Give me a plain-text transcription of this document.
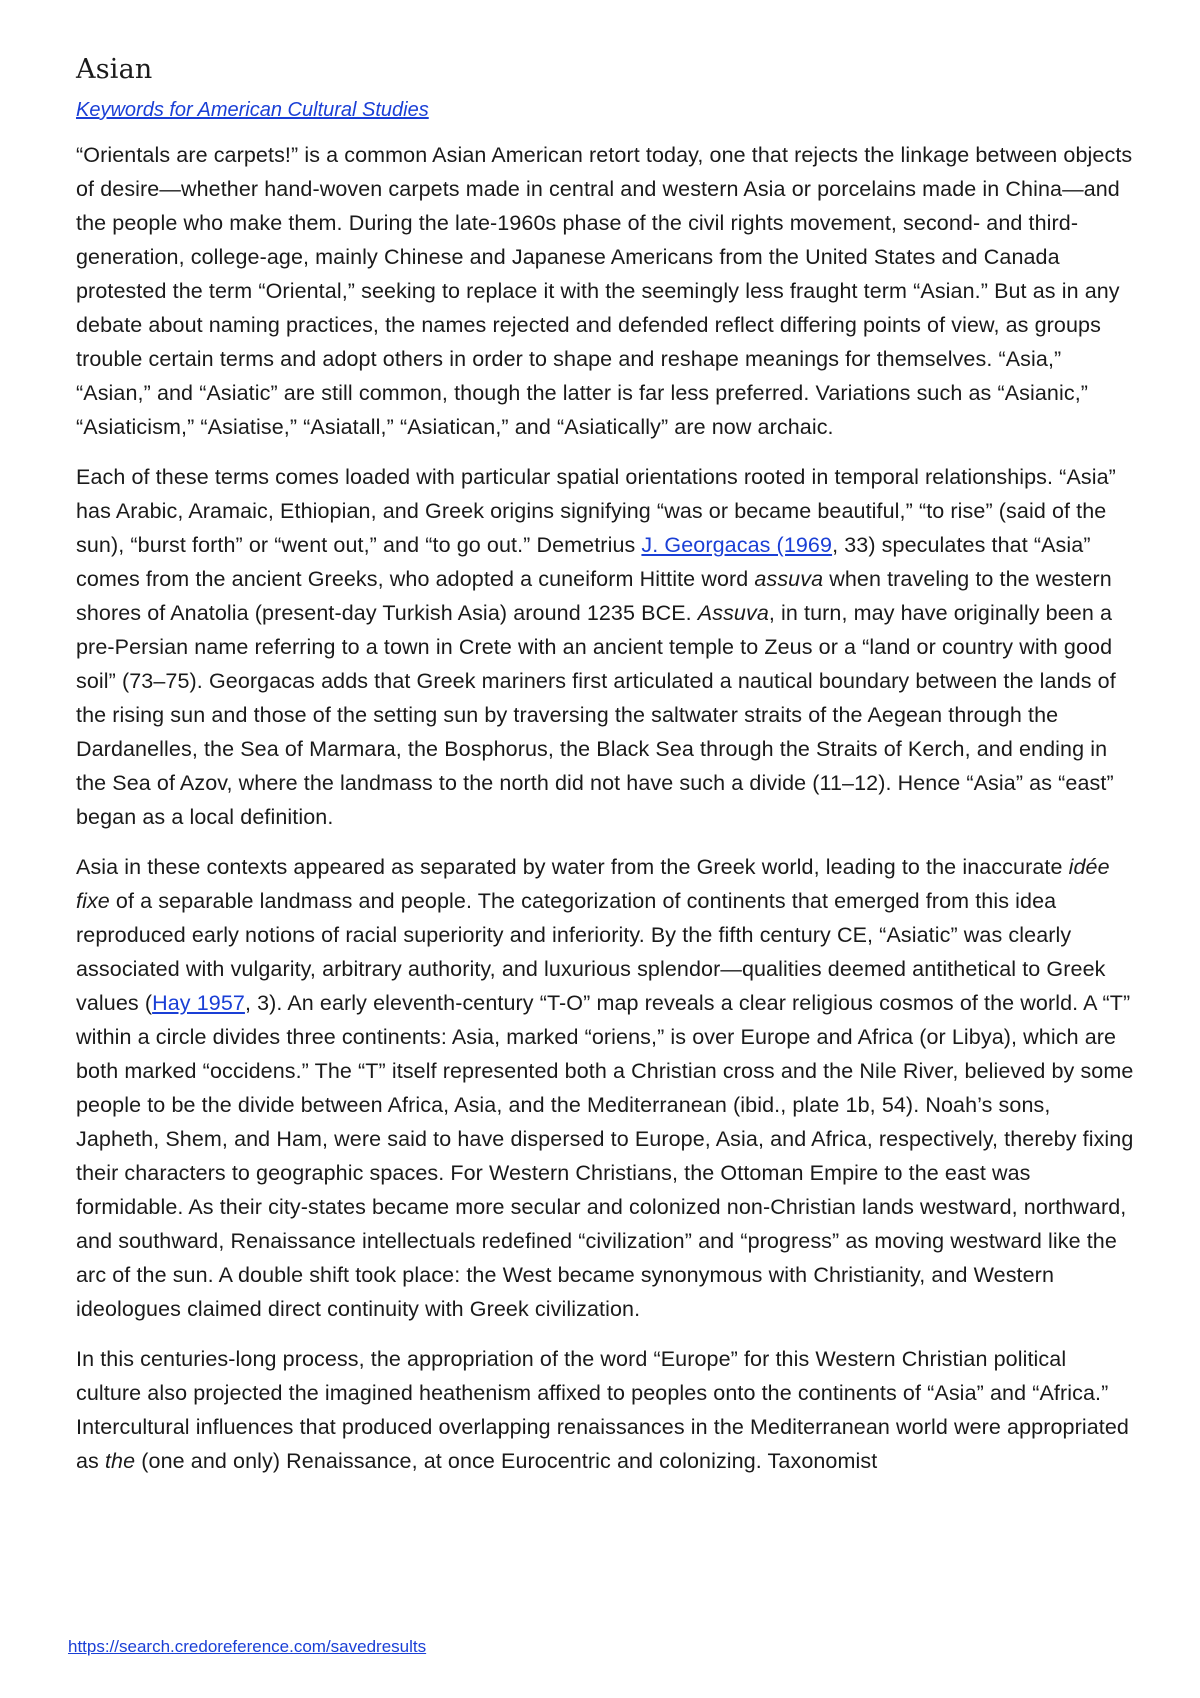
Asian
Keywords for American Cultural Studies

“Orientals are carpets!” is a common Asian American retort today, one that rejects the linkage between objects of desire—whether hand-woven carpets made in central and western Asia or porcelains made in China—and the people who make them. During the late-1960s phase of the civil rights movement, second- and third-generation, college-age, mainly Chinese and Japanese Americans from the United States and Canada protested the term “Oriental,” seeking to replace it with the seemingly less fraught term “Asian.” But as in any debate about naming practices, the names rejected and defended reflect differing points of view, as groups trouble certain terms and adopt others in order to shape and reshape meanings for themselves. “Asia,” “Asian,” and “Asiatic” are still common, though the latter is far less preferred. Variations such as “Asianic,” “Asiaticism,” “Asiatise,” “Asiatall,” “Asiatican,” and “Asiatically” are now archaic.

Each of these terms comes loaded with particular spatial orientations rooted in temporal relationships. “Asia” has Arabic, Aramaic, Ethiopian, and Greek origins signifying “was or became beautiful,” “to rise” (said of the sun), “burst forth” or “went out,” and “to go out.” Demetrius J. Georgacas (1969, 33) speculates that “Asia” comes from the ancient Greeks, who adopted a cuneiform Hittite word assuva when traveling to the western shores of Anatolia (present-day Turkish Asia) around 1235 BCE. Assuva, in turn, may have originally been a pre-Persian name referring to a town in Crete with an ancient temple to Zeus or a “land or country with good soil” (73–75). Georgacas adds that Greek mariners first articulated a nautical boundary between the lands of the rising sun and those of the setting sun by traversing the saltwater straits of the Aegean through the Dardanelles, the Sea of Marmara, the Bosphorus, the Black Sea through the Straits of Kerch, and ending in the Sea of Azov, where the landmass to the north did not have such a divide (11–12). Hence “Asia” as “east” began as a local definition.

Asia in these contexts appeared as separated by water from the Greek world, leading to the inaccurate idée fixe of a separable landmass and people. The categorization of continents that emerged from this idea reproduced early notions of racial superiority and inferiority. By the fifth century CE, “Asiatic” was clearly associated with vulgarity, arbitrary authority, and luxurious splendor—qualities deemed antithetical to Greek values (Hay 1957, 3). An early eleventh-century “T-O” map reveals a clear religious cosmos of the world. A “T” within a circle divides three continents: Asia, marked “oriens,” is over Europe and Africa (or Libya), which are both marked “occidens.” The “T” itself represented both a Christian cross and the Nile River, believed by some people to be the divide between Africa, Asia, and the Mediterranean (ibid., plate 1b, 54). Noah’s sons, Japheth, Shem, and Ham, were said to have dispersed to Europe, Asia, and Africa, respectively, thereby fixing their characters to geographic spaces. For Western Christians, the Ottoman Empire to the east was formidable. As their city-states became more secular and colonized non-Christian lands westward, northward, and southward, Renaissance intellectuals redefined “civilization” and “progress” as moving westward like the arc of the sun. A double shift took place: the West became synonymous with Christianity, and Western ideologues claimed direct continuity with Greek civilization.

In this centuries-long process, the appropriation of the word “Europe” for this Western Christian political culture also projected the imagined heathenism affixed to peoples onto the continents of “Asia” and “Africa.” Intercultural influences that produced overlapping renaissances in the Mediterranean world were appropriated as the (one and only) Renaissance, at once Eurocentric and colonizing. Taxonomist

https://search.credoreference.com/savedresults
